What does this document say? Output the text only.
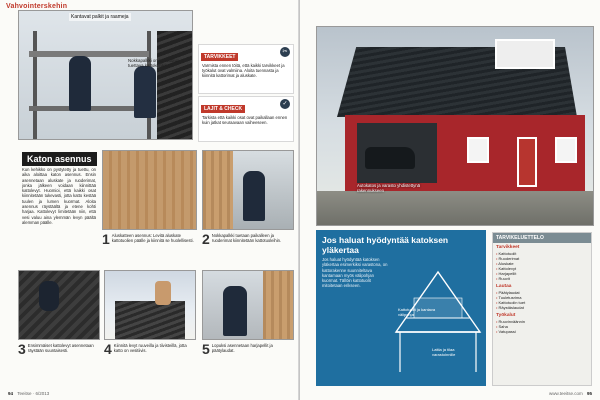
Vahvointerskehin
Kantavat palkit ja raameja
Nokkapalkki on kantattava ja tuettava kattokehikkoon
TARVIKKEET
✂
Varmista ennen töitä, että kaikki tarvikkeet ja työkalut ovat valmiina. Aloita tuennasta ja kiinnitä kattorimat ja aluskate.
LAJIT & CHECK
✓
Tarkista että kaikki osat ovat paikallaan ennen kuin jatkat seuraavaan vaiheeseen.
Katon asennus
Kun kehikko on pystytetty ja tuettu, on aika aloittaa katon asennus. Ensin asennetaan aluskate ja ruoderimat, jonka jälkeen voidaan kiinnittää kattolevyt. Huomioi, että kaikki osat kiinnitetään tukevasti, jotta katto kestää tuulen ja lumen kuormat. Aloita asennus räystäältä ja etene kohti harjaa. Kattolevyt limitetään niin, että vesi valuu aina ylemmän levyn päältä alemman päälle.
1 Aluskatteen asennus: Levitä aluskate kattotuolien päälle ja kiinnitä se huolellisesti. 2 Nokkapalkki tuetaan paikalleen ja ruoderimat kiinnitetään kattotuoleihin.
3 Ensimmäiset kattolevyt asennetaan räystään suuntaisesti.	4 Kiinnitä levyt ruuveilla ja tiivisteillä, jotta katto on vesitiivis.	5 Lopuksi asennetaan harjapellit ja päätylaudat.
94 Teeitse · 6/2013
Autokatos ja varasto yhdistettynä rakennukseen
Jos haluat hyödyntää katoksen yläkertaa
Jos haluat hyödyntää katoksen yläkertaa esimerkiksi varastona, on kattorakenne suunniteltava kantamaan myös välipohjan kuormat. Tällöin kattotuolit mitoitetaan erikseen.
Kattotuolit ja kantava välipohja
Lattia ja tilaa varastoinnille
TARVIKELUETTELO
Tarvikkeet
• Kattotuolit
• Ruoderimat
• Aluskate
• Kattolevyt
• Harjapellit
• Ruuvit
Lautaa
• Päätylaudat
• Tuuletusrima
• Kattotuolin tuet
• Räystäslaudat
Työkalut
• Ruuvinväännin
• Saha
• Vatupassi
www.teeitse.com 95
